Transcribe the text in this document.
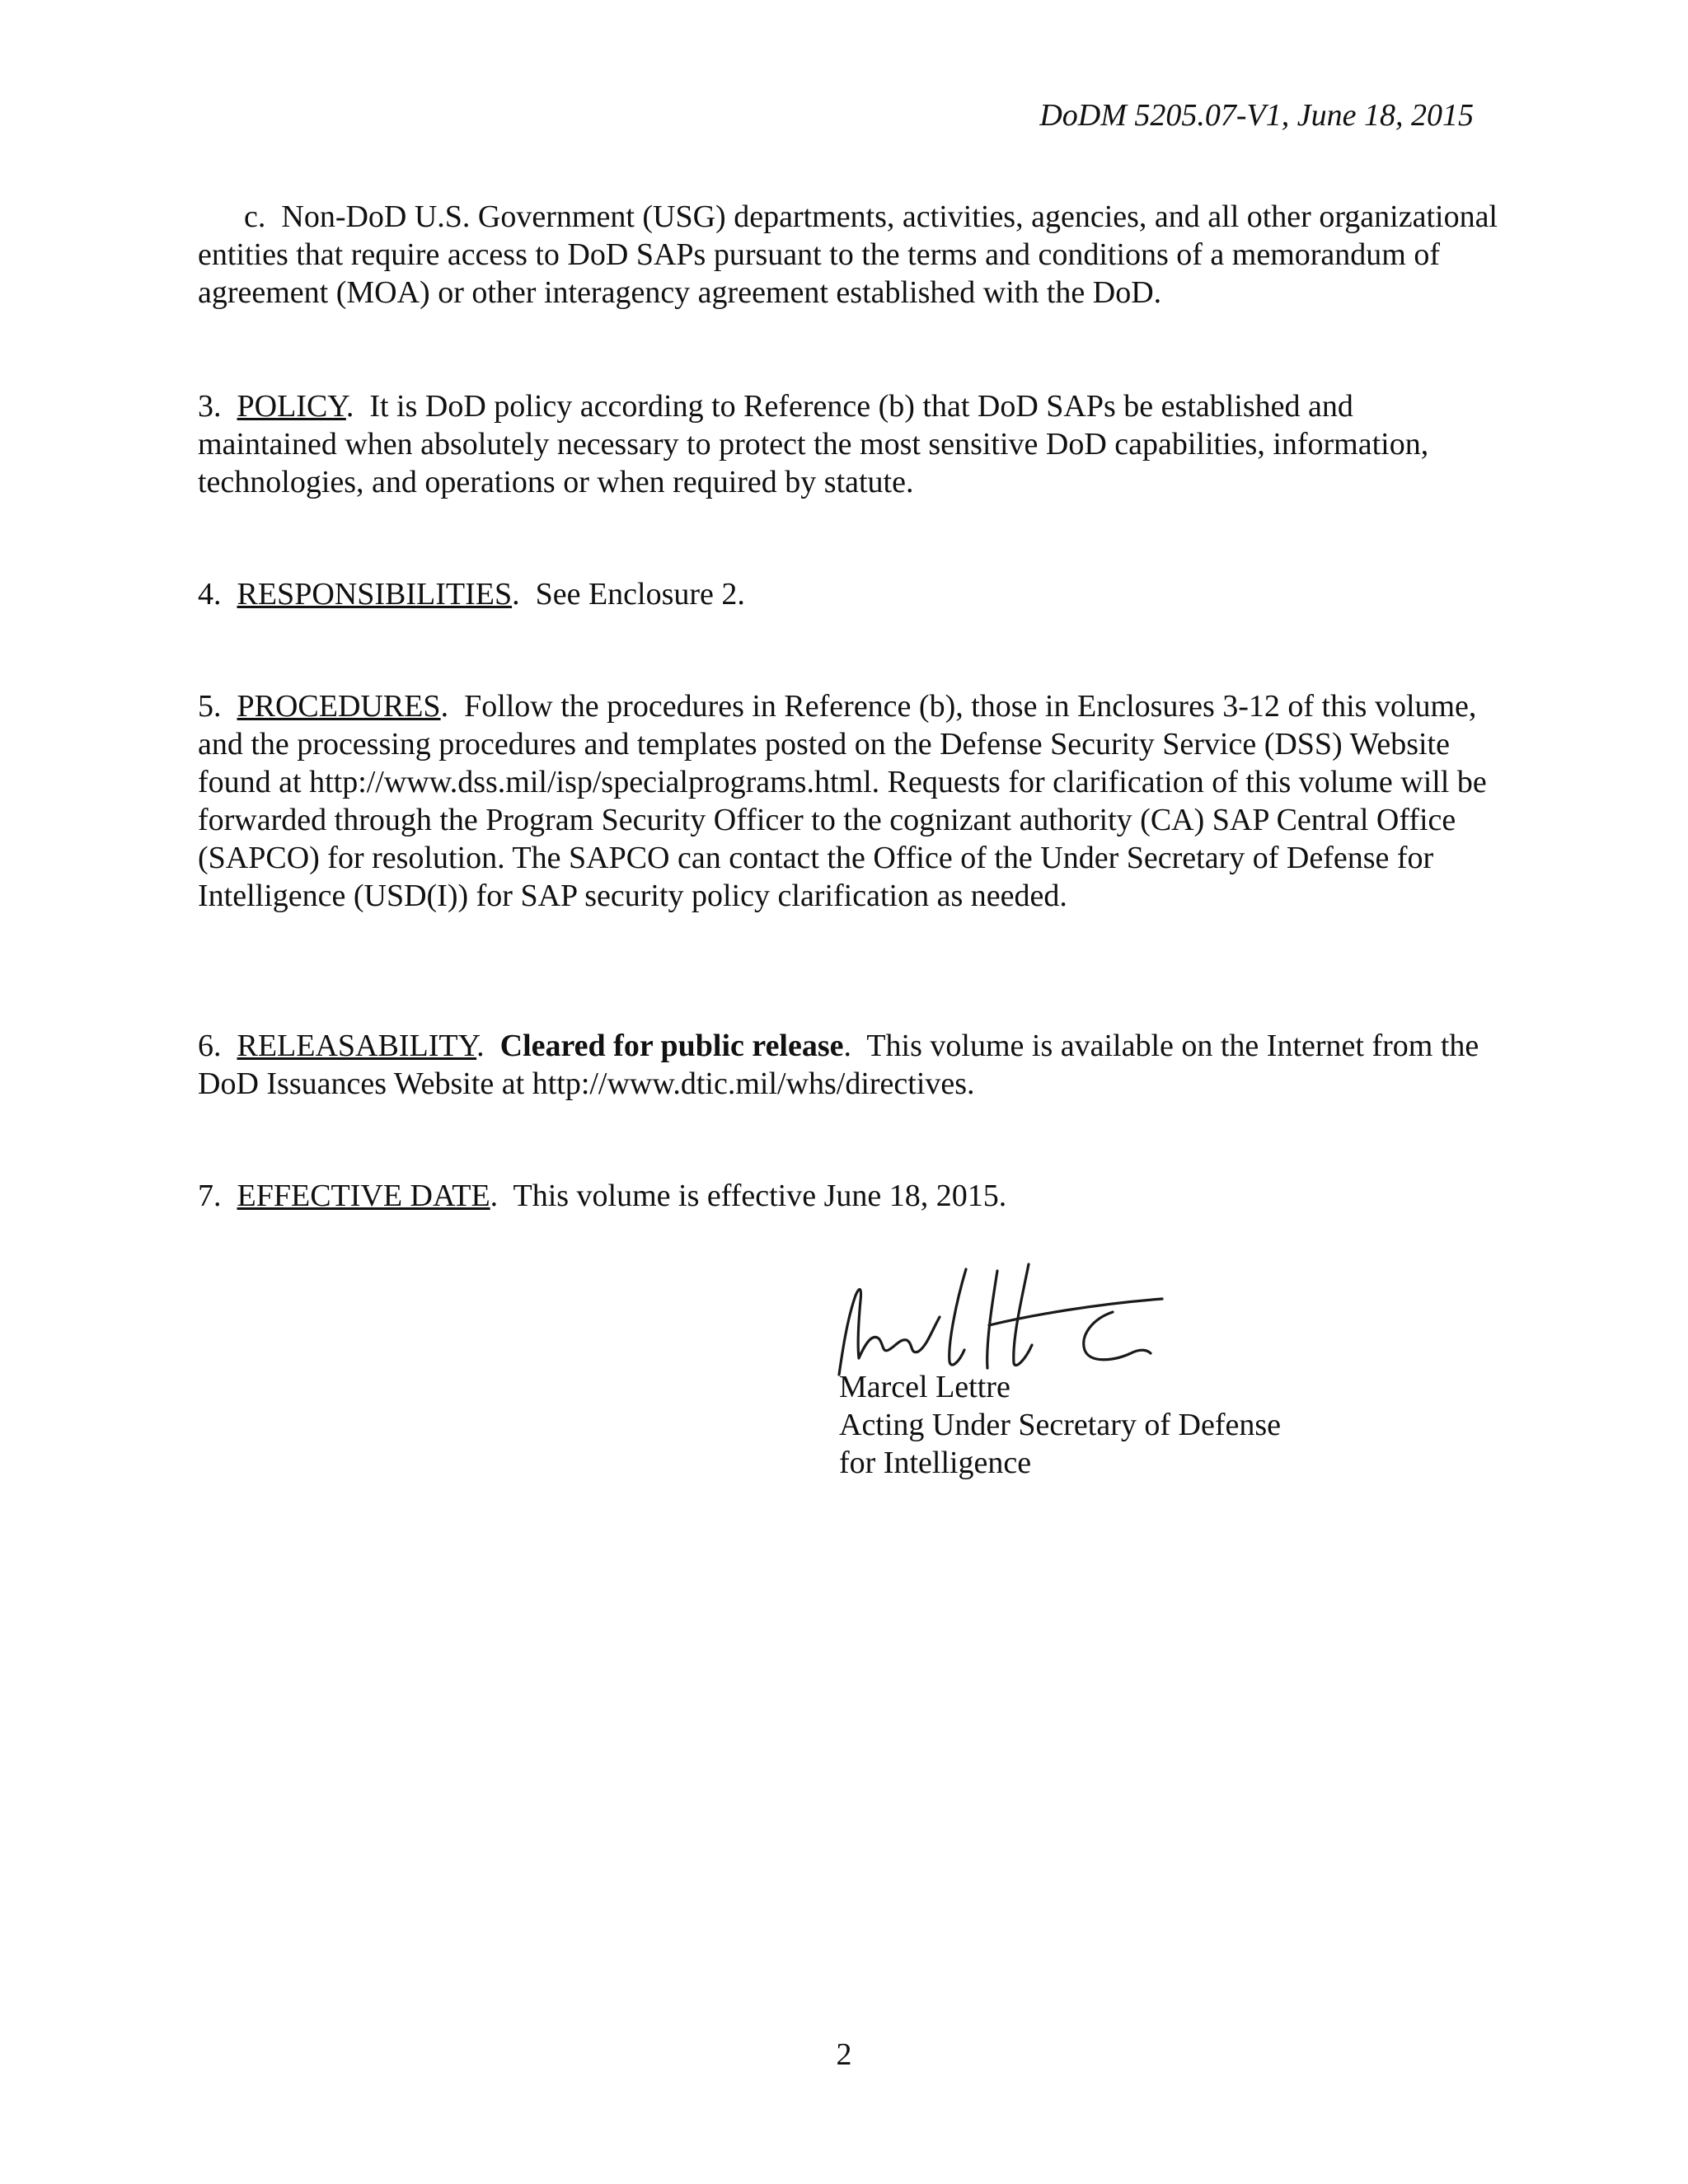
DoDM 5205.07-V1, June 18, 2015

c. Non-DoD U.S. Government (USG) departments, activities, agencies, and all other organizational entities that require access to DoD SAPs pursuant to the terms and conditions of a memorandum of agreement (MOA) or other interagency agreement established with the DoD.

3. POLICY.  It is DoD policy according to Reference (b) that DoD SAPs be established and maintained when absolutely necessary to protect the most sensitive DoD capabilities, information, technologies, and operations or when required by statute.

4. RESPONSIBILITIES.  See Enclosure 2.

5. PROCEDURES.  Follow the procedures in Reference (b), those in Enclosures 3-12 of this volume, and the processing procedures and templates posted on the Defense Security Service (DSS) Website found at http://www.dss.mil/isp/specialprograms.html. Requests for clarification of this volume will be forwarded through the Program Security Officer to the cognizant authority (CA) SAP Central Office (SAPCO) for resolution. The SAPCO can contact the Office of the Under Secretary of Defense for Intelligence (USD(I)) for SAP security policy clarification as needed.

6. RELEASABILITY.  Cleared for public release.  This volume is available on the Internet from the DoD Issuances Website at http://www.dtic.mil/whs/directives.

7. EFFECTIVE DATE.  This volume is effective June 18, 2015.

Marcel Lettre
Acting Under Secretary of Defense
for Intelligence
2
